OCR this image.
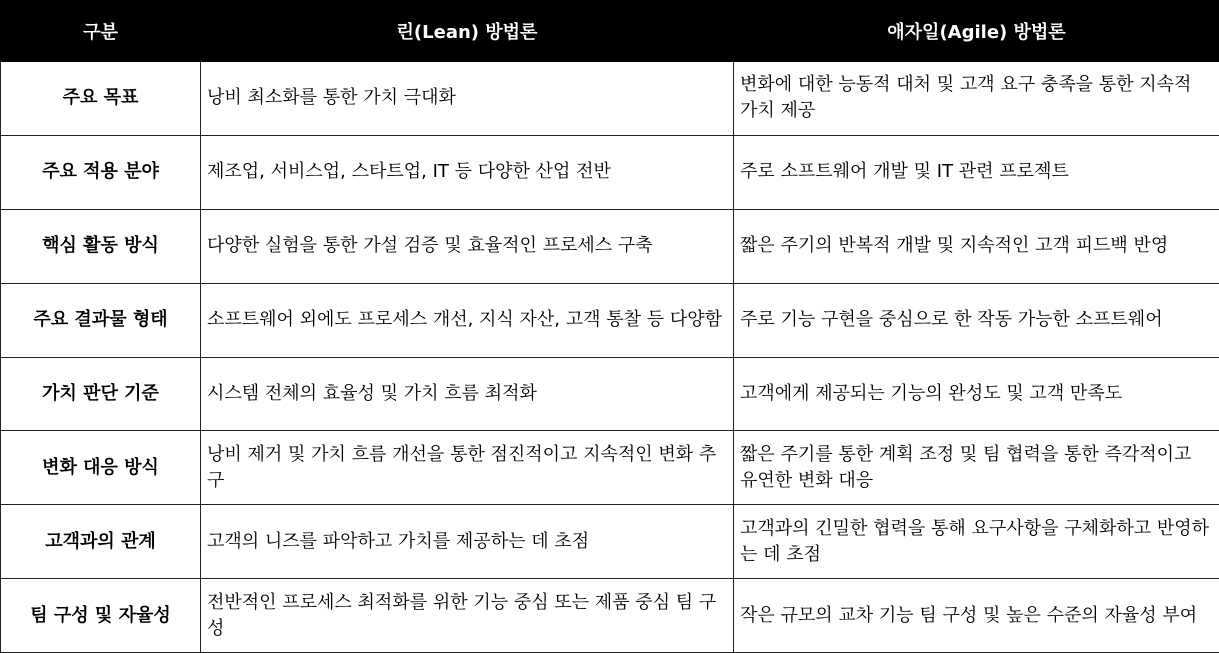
구분	린(Lean) 방법론	애자일(Agile) 방법론
주요 목표	낭비 최소화를 통한 가치 극대화	변화에 대한 능동적 대처 및 고객 요구 충족을 통한 지속적 가치 제공
주요 적용 분야	제조업, 서비스업, 스타트업, IT 등 다양한 산업 전반	주로 소프트웨어 개발 및 IT 관련 프로젝트
핵심 활동 방식	다양한 실험을 통한 가설 검증 및 효율적인 프로세스 구축	짧은 주기의 반복적 개발 및 지속적인 고객 피드백 반영
주요 결과물 형태	소프트웨어 외에도 프로세스 개선, 지식 자산, 고객 통찰 등 다양함	주로 기능 구현을 중심으로 한 작동 가능한 소프트웨어
가치 판단 기준	시스템 전체의 효율성 및 가치 흐름 최적화	고객에게 제공되는 기능의 완성도 및 고객 만족도
변화 대응 방식	낭비 제거 및 가치 흐름 개선을 통한 점진적이고 지속적인 변화 추구	짧은 주기를 통한 계획 조정 및 팀 협력을 통한 즉각적이고 유연한 변화 대응
고객과의 관계	고객의 니즈를 파악하고 가치를 제공하는 데 초점	고객과의 긴밀한 협력을 통해 요구사항을 구체화하고 반영하는 데 초점
팀 구성 및 자율성	전반적인 프로세스 최적화를 위한 기능 중심 또는 제품 중심 팀 구성	작은 규모의 교차 기능 팀 구성 및 높은 수준의 자율성 부여
